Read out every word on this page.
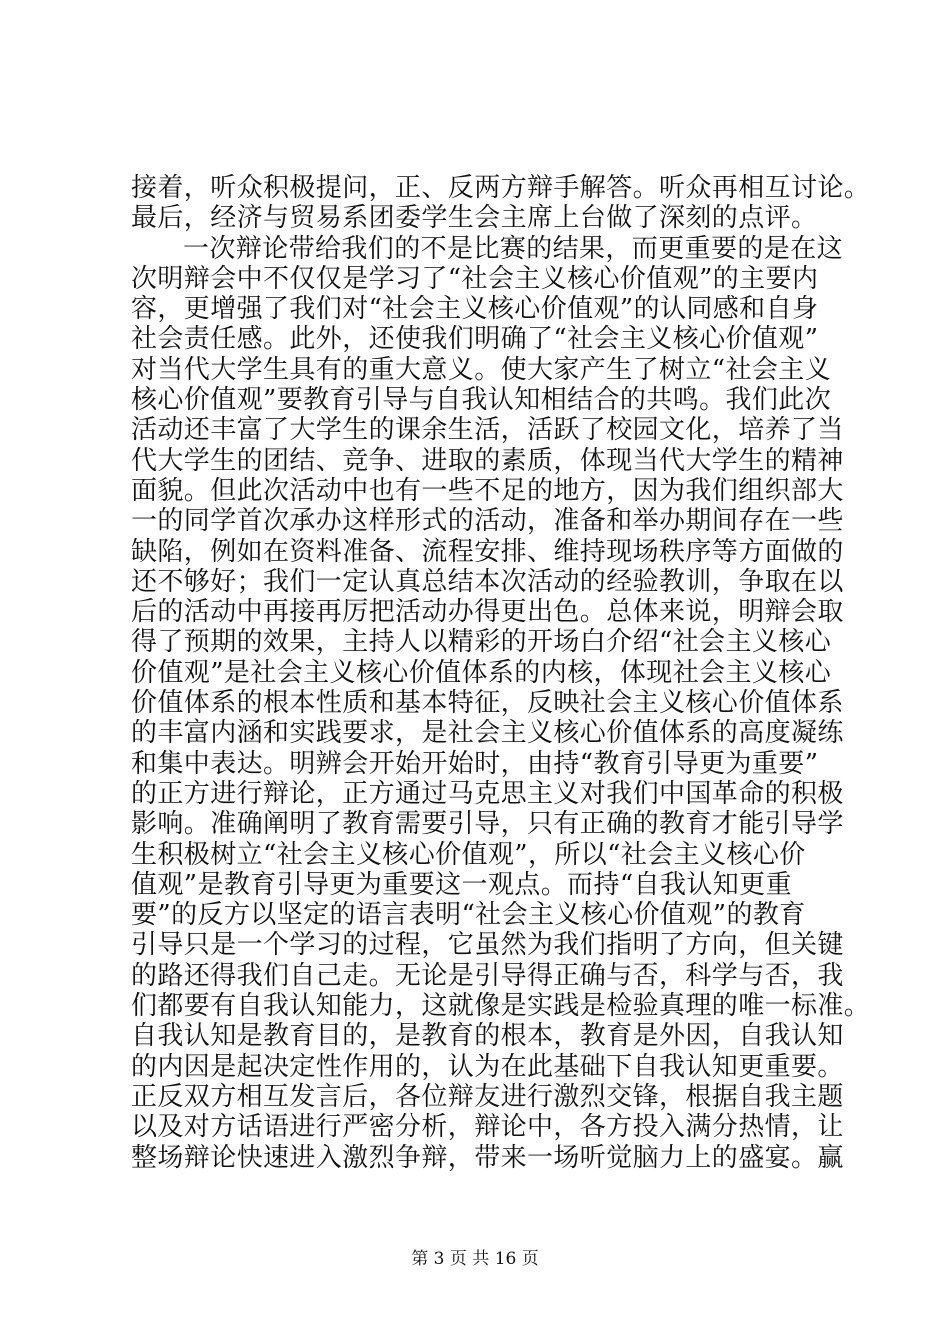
接着，听众积极提问，正、反两方辩手解答。听众再相互讨论。
最后，经济与贸易系团委学生会主席上台做了深刻的点评。
一次辩论带给我们的不是比赛的结果，而更重要的是在这
次明辩会中不仅仅是学习了“社会主义核心价值观”的主要内
容，更增强了我们对“社会主义核心价值观”的认同感和自身
社会责任感。此外，还使我们明确了“社会主义核心价值观”
对当代大学生具有的重大意义。使大家产生了树立“社会主义
核心价值观”要教育引导与自我认知相结合的共鸣。我们此次
活动还丰富了大学生的课余生活，活跃了校园文化，培养了当
代大学生的团结、竞争、进取的素质，体现当代大学生的精神
面貌。但此次活动中也有一些不足的地方，因为我们组织部大
一的同学首次承办这样形式的活动，准备和举办期间存在一些
缺陷，例如在资料准备、流程安排、维持现场秩序等方面做的
还不够好；我们一定认真总结本次活动的经验教训，争取在以
后的活动中再接再厉把活动办得更出色。总体来说，明辩会取
得了预期的效果，主持人以精彩的开场白介绍“社会主义核心
价值观”是社会主义核心价值体系的内核，体现社会主义核心
价值体系的根本性质和基本特征，反映社会主义核心价值体系
的丰富内涵和实践要求，是社会主义核心价值体系的高度凝练
和集中表达。明辨会开始开始时，由持“教育引导更为重要”
的正方进行辩论，正方通过马克思主义对我们中国革命的积极
影响。准确阐明了教育需要引导，只有正确的教育才能引导学
生积极树立“社会主义核心价值观”，所以“社会主义核心价
值观”是教育引导更为重要这一观点。而持“自我认知更重
要”的反方以坚定的语言表明“社会主义核心价值观”的教育
引导只是一个学习的过程，它虽然为我们指明了方向，但关键
的路还得我们自己走。无论是引导得正确与否，科学与否，我
们都要有自我认知能力，这就像是实践是检验真理的唯一标准。
自我认知是教育目的，是教育的根本，教育是外因，自我认知
的内因是起决定性作用的，认为在此基础下自我认知更重要。
正反双方相互发言后，各位辩友进行激烈交锋，根据自我主题
以及对方话语进行严密分析，辩论中，各方投入满分热情，让
整场辩论快速进入激烈争辩，带来一场听觉脑力上的盛宴。赢
第 3 页 共 16 页
